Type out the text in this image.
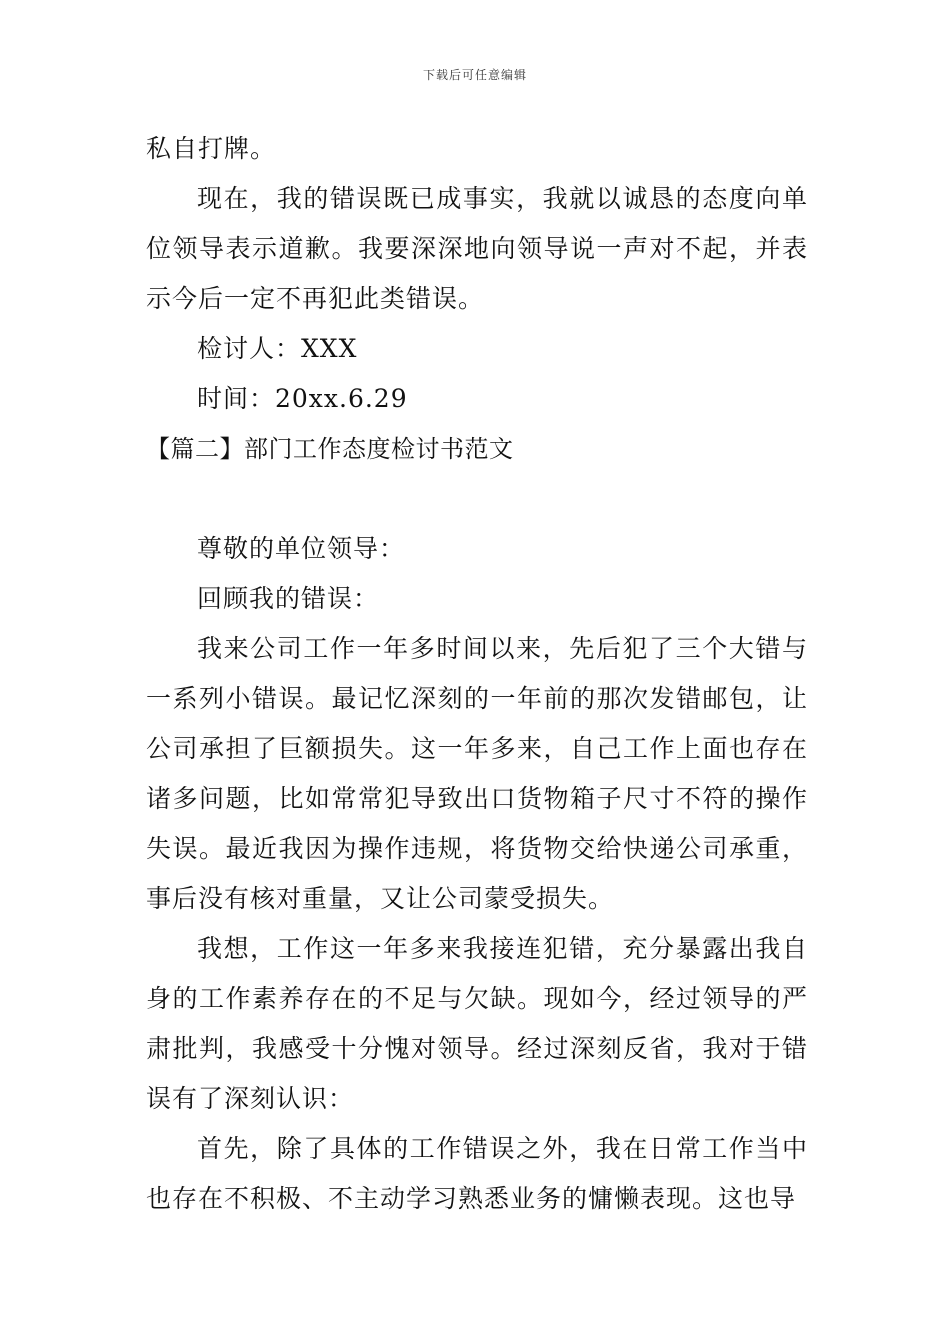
下载后可任意编辑

私自打牌。

现在，我的错误既已成事实，我就以诚恳的态度向单位领导表示道歉。我要深深地向领导说一声对不起，并表示今后一定不再犯此类错误。

检讨人：XXX

时间：20xx.6.29

【篇二】部门工作态度检讨书范文

尊敬的单位领导：

回顾我的错误：

我来公司工作一年多时间以来，先后犯了三个大错与一系列小错误。最记忆深刻的一年前的那次发错邮包，让公司承担了巨额损失。这一年多来，自己工作上面也存在诸多问题，比如常常犯导致出口货物箱子尺寸不符的操作失误。最近我因为操作违规，将货物交给快递公司承重，事后没有核对重量，又让公司蒙受损失。

我想，工作这一年多来我接连犯错，充分暴露出我自身的工作素养存在的不足与欠缺。现如今，经过领导的严肃批判，我感受十分愧对领导。经过深刻反省，我对于错误有了深刻认识：

首先，除了具体的工作错误之外，我在日常工作当中也存在不积极、不主动学习熟悉业务的慵懒表现。这也导
